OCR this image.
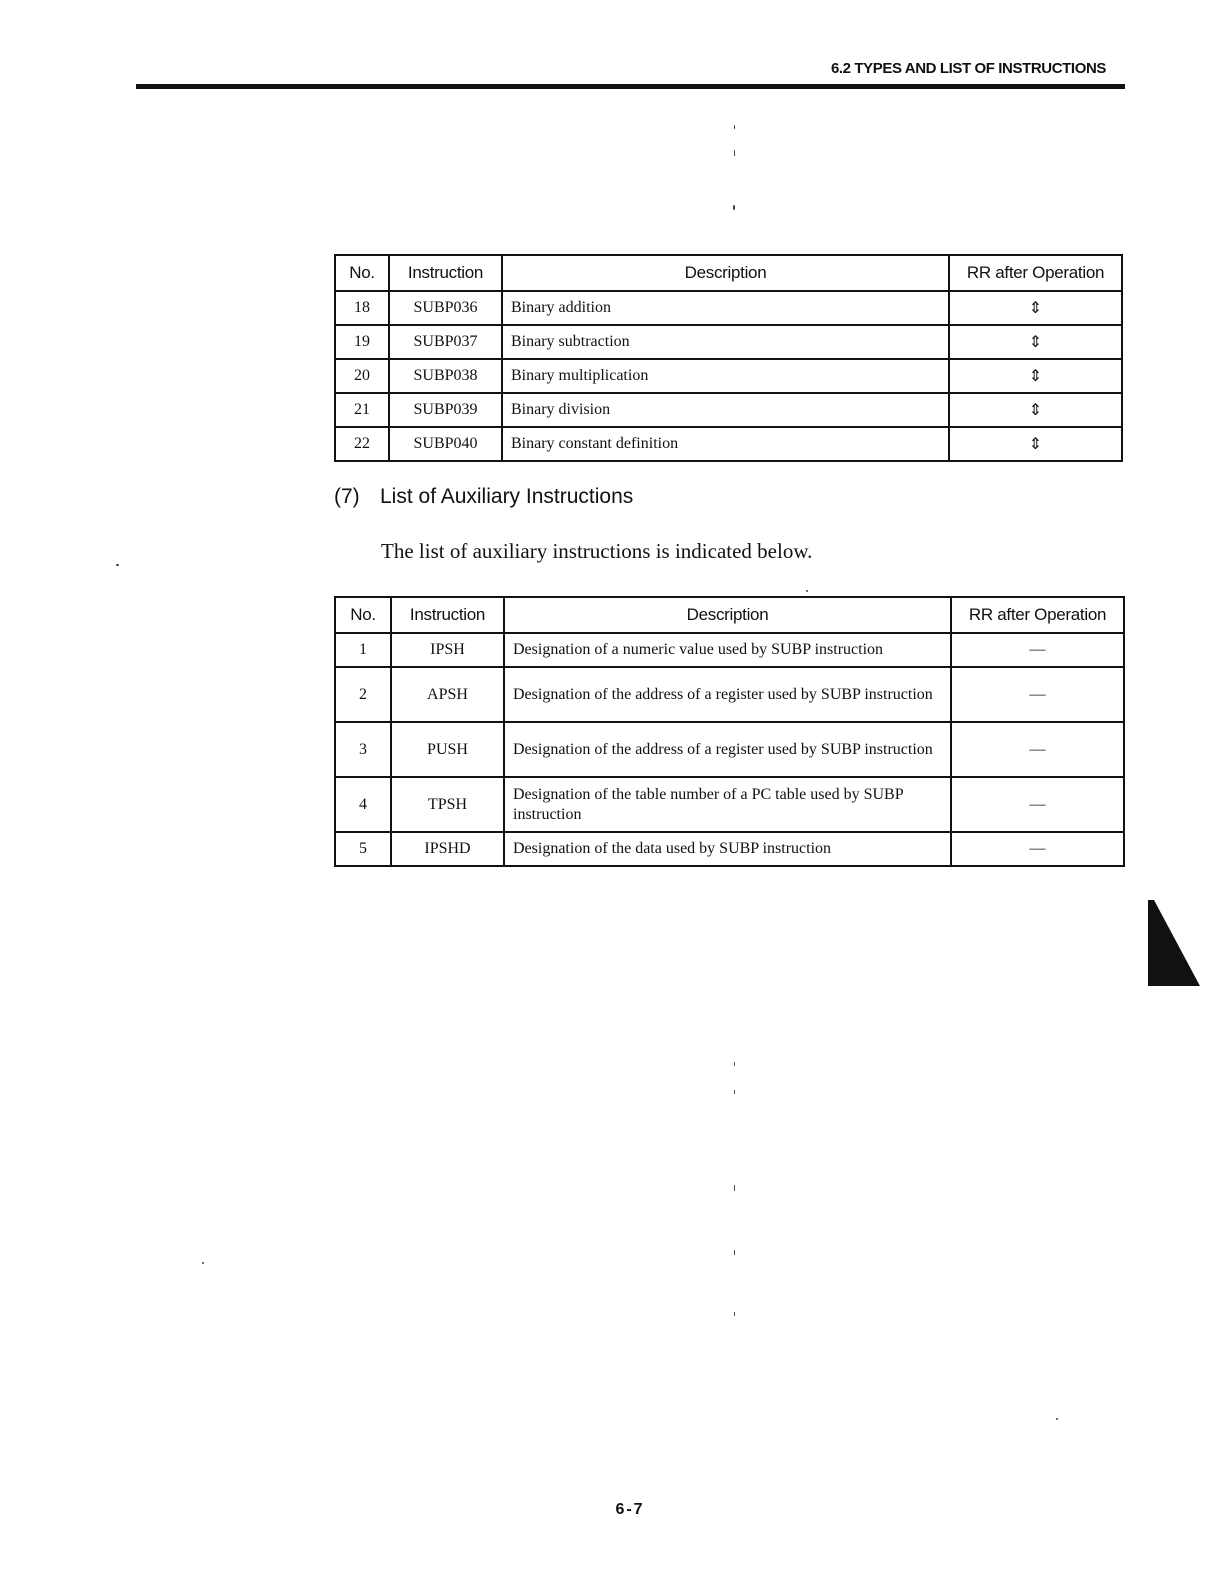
6.2 TYPES AND LIST OF INSTRUCTIONS
No.	Instruction	Description	RR after Operation
18	SUBP036	Binary addition	⇕
19	SUBP037	Binary subtraction	⇕
20	SUBP038	Binary multiplication	⇕
21	SUBP039	Binary division	⇕
22	SUBP040	Binary constant definition	⇕
(7) List of Auxiliary Instructions
The list of auxiliary instructions is indicated below.
No.	Instruction	Description	RR after Operation
1	IPSH	Designation of a numeric value used by SUBP instruction	—
2	APSH	Designation of the address of a register used by SUBP instruction	—
3	PUSH	Designation of the address of a register used by SUBP instruction	—
4	TPSH	Designation of the table number of a PC table used by SUBP instruction	—
5	IPSHD	Designation of the data used by SUBP instruction	—
6
6-7
